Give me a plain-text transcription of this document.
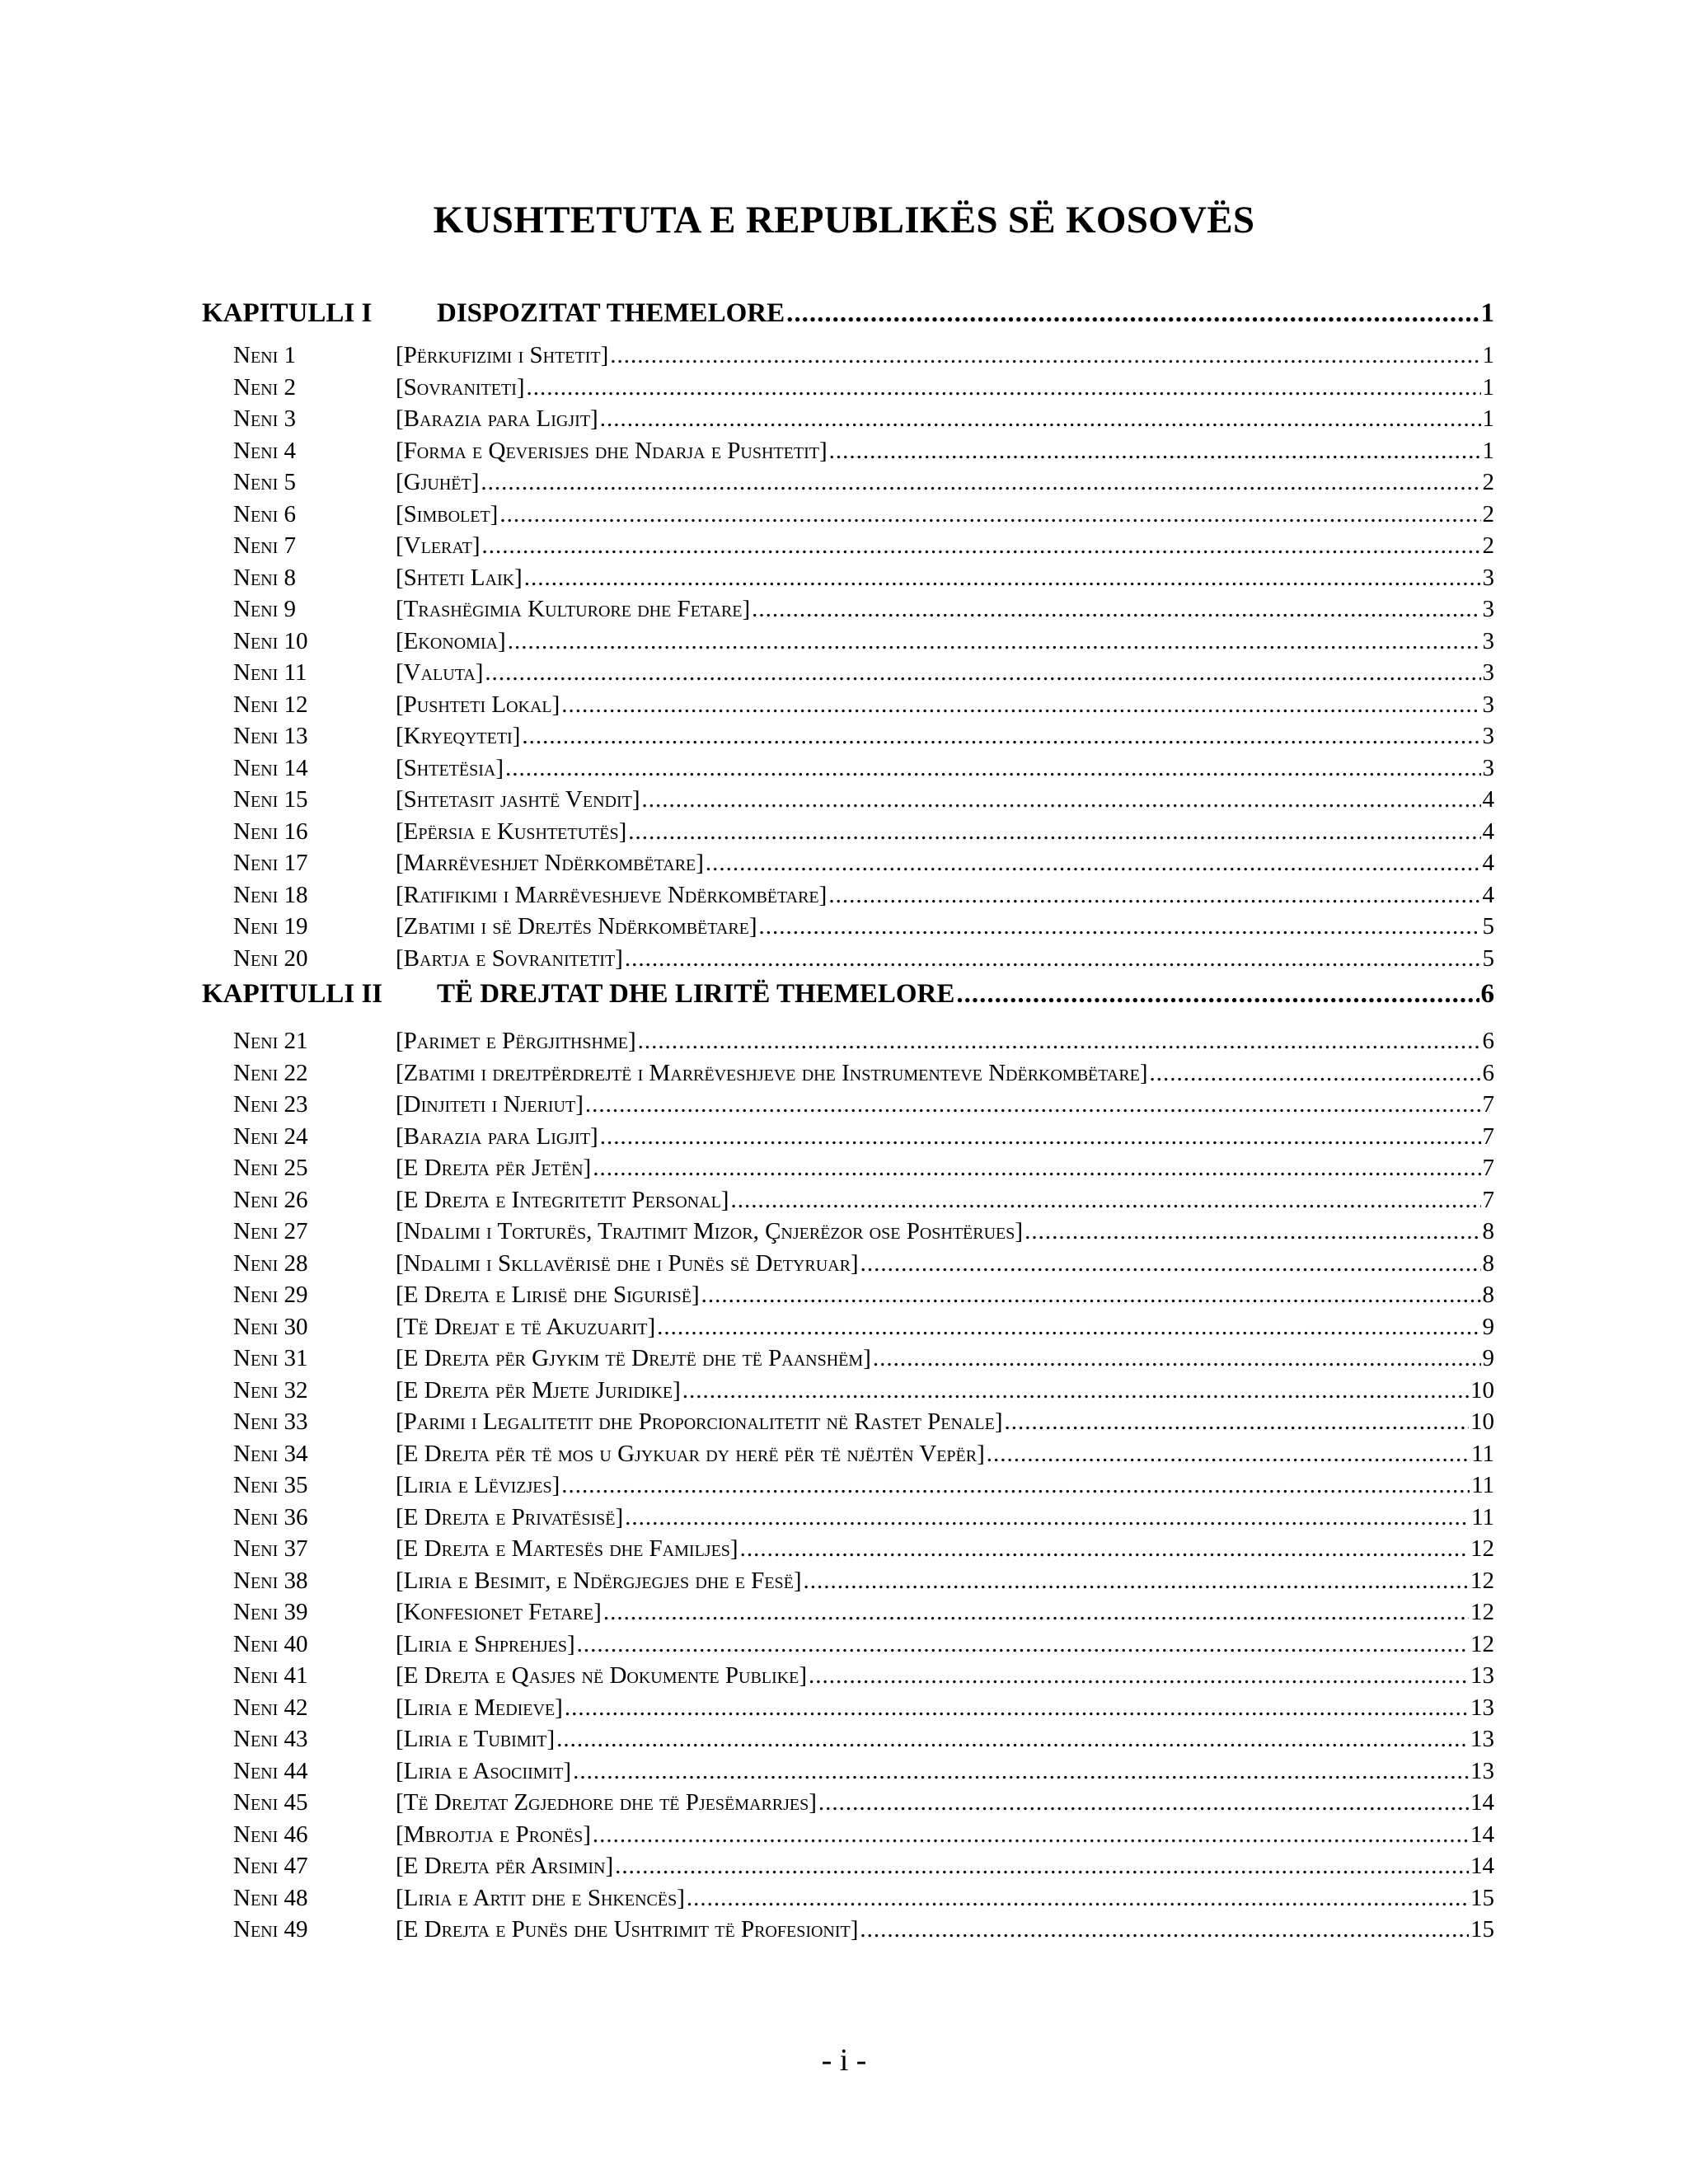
KUSHTETUTA E REPUBLIKËS SË KOSOVËS
KAPITULLI I	DISPOZITAT THEMELORE .....	1
Neni 1	[Përkufizimi i Shtetit] .....	1
Neni 2	[Sovraniteti] .....	1
Neni 3	[Barazia para Ligjit] .....	1
Neni 4	[Forma e Qeverisjes dhe Ndarja e Pushtetit] .....	1
Neni 5	[Gjuhët] .....	2
Neni 6	[Simbolet] .....	2
Neni 7	[Vlerat] .....	2
Neni 8	[Shteti Laik] .....	3
Neni 9	[Trashëgimia Kulturore dhe Fetare] .....	3
Neni 10	[Ekonomia] .....	3
Neni 11	[Valuta] .....	3
Neni 12	[Pushteti Lokal] .....	3
Neni 13	[Kryeqyteti] .....	3
Neni 14	[Shtetësia] .....	3
Neni 15	[Shtetasit jashtë Vendit] .....	4
Neni 16	[Epërsia e Kushtetutës] .....	4
Neni 17	[Marrëveshjet Ndërkombëtare] .....	4
Neni 18	[Ratifikimi i Marrëveshjeve Ndërkombëtare] .....	4
Neni 19	[Zbatimi i së Drejtës Ndërkombëtare] .....	5
Neni 20	[Bartja e Sovranitetit] .....	5
KAPITULLI II	TË DREJTAT DHE LIRITË THEMELORE .....	6
Neni 21	[Parimet e Përgjithshme] .....	6
Neni 22	[Zbatimi i drejtpërdrejtë i Marrëveshjeve dhe Instrumenteve Ndërkombëtare] .....	6
Neni 23	[Dinjiteti i Njeriut] .....	7
Neni 24	[Barazia para Ligjit] .....	7
Neni 25	[E Drejta për Jetën] .....	7
Neni 26	[E Drejta e Integritetit Personal] .....	7
Neni 27	[Ndalimi i Torturës, Trajtimit Mizor, Çnjerëzor ose Poshtërues] .....	8
Neni 28	[Ndalimi i Skllavërisë dhe i Punës së Detyruar] .....	8
Neni 29	[E Drejta e Lirisë dhe Sigurisë] .....	8
Neni 30	[Të Drejat e të Akuzuarit] .....	9
Neni 31	[E Drejta për Gjykim të Drejtë dhe të Paanshëm] .....	9
Neni 32	[E Drejta për Mjete Juridike] .....	10
Neni 33	[Parimi i Legalitetit dhe Proporcionalitetit në Rastet Penale] .....	10
Neni 34	[E Drejta për të mos u Gjykuar dy herë për të njëjtën Vepër] .....	11
Neni 35	[Liria e Lëvizjes] .....	11
Neni 36	[E Drejta e Privatësisë] .....	11
Neni 37	[E Drejta e Martesës dhe Familjes] .....	12
Neni 38	[Liria e Besimit, e Ndërgjegjes dhe e Fesë] .....	12
Neni 39	[Konfesionet Fetare] .....	12
Neni 40	[Liria e Shprehjes] .....	12
Neni 41	[E Drejta e Qasjes në Dokumente Publike] .....	13
Neni 42	[Liria e Medieve] .....	13
Neni 43	[Liria e Tubimit] .....	13
Neni 44	[Liria e Asociimit] .....	13
Neni 45	[Të Drejtat Zgjedhore dhe të Pjesëmarrjes] .....	14
Neni 46	[Mbrojtja e Pronës] .....	14
Neni 47	[E Drejta për Arsimin] .....	14
Neni 48	[Liria e Artit dhe e Shkencës] .....	15
Neni 49	[E Drejta e Punës dhe Ushtrimit të Profesionit] .....	15
- i -
